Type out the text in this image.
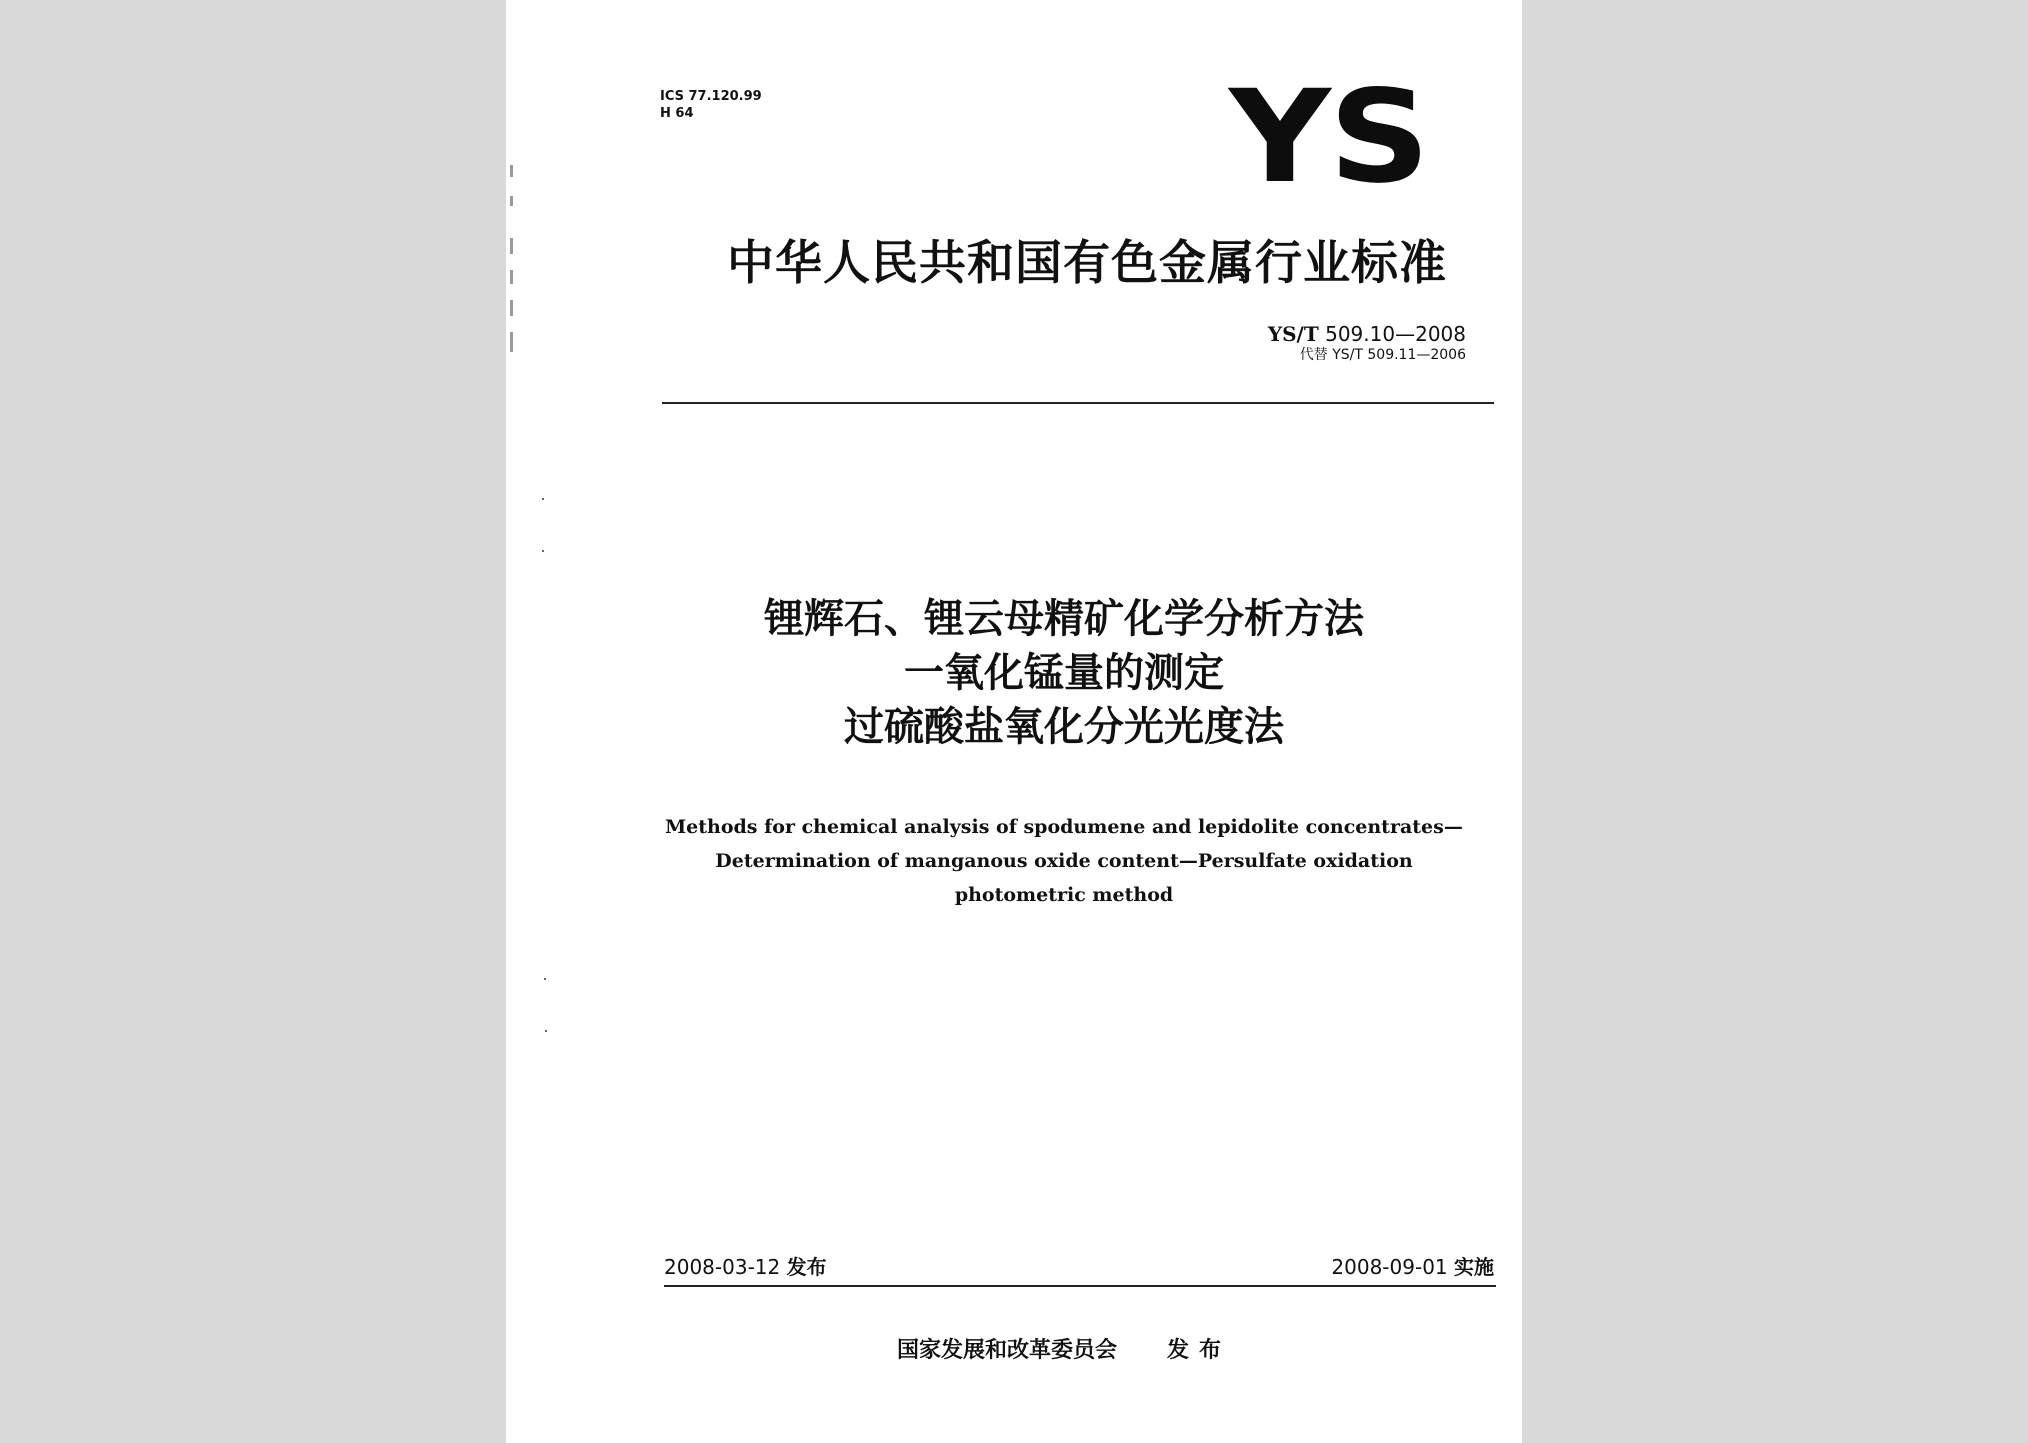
ICS 77.120.99
H 64	YS
中华人民共和国有色金属行业标准
YS/T 509.10—2008
代替 YS/T 509.11—2006
锂辉石、锂云母精矿化学分析方法
一氧化锰量的测定
过硫酸盐氧化分光光度法
Methods for chemical analysis of spodumene and lepidolite concentrates—
Determination of manganous oxide content—Persulfate oxidation
photometric method
2008-03-12 发布	2008-09-01 实施
国家发展和改革委员会 发布
